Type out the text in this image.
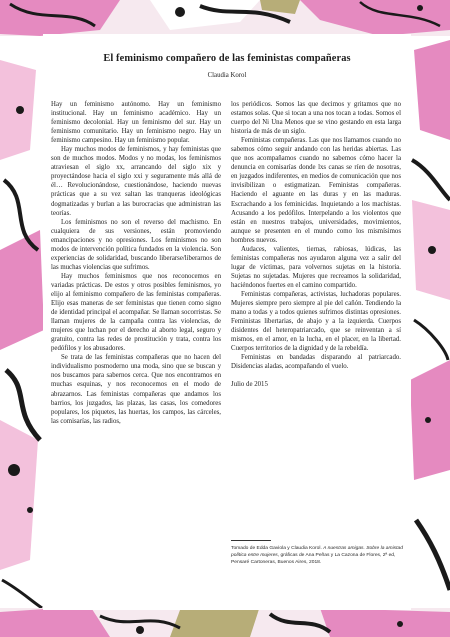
El feminismo compañero de las feministas compañeras
Claudia Korol

Hay un feminismo autónomo. Hay un feminismo institucional. Hay un feminismo académico. Hay un feminismo decolonial. Hay un feminismo del sur. Hay un feminismo comunitario. Hay un feminismo negro. Hay un feminismo campesino. Hay un feminismo popular.

Hay muchos modos de feminismos, y hay feministas que son de muchos modos. Modos y no modas, los feminismos atraviesan el siglo xx, arrancando del siglo xix y proyectándose hacia el siglo xxi y seguramente más allá de él… Revolucionándose, cuestionándose, haciendo nuevas prácticas que a su vez saltan las tranqueras ideológicas dogmatizadas y burlan a las burocracias que administran las teorías.

Los feminismos no son el reverso del machismo. En cualquiera de sus versiones, están promoviendo emancipaciones y no opresiones. Los feminismos no son modos de intervención política fundados en la violencia. Son experiencias de solidaridad, buscando liberarse/liberarnos de las muchas violencias que sufrimos.

Hay muchos feminismos que nos reconocemos en variadas prácticas. De estos y otros posibles feminismos, yo elijo al feminismo compañero de las feministas compañeras. Elijo esas maneras de ser feministas que tienen como signo de identidad principal el acompañar. Se llaman socorristas. Se llaman mujeres de la campaña contra las violencias, de mujeres que luchan por el derecho al aborto legal, seguro y gratuito, contra las redes de prostitución y trata, contra los pedófilos y los abusadores.

Se trata de las feministas compañeras que no hacen del individualismo posmoderno una moda, sino que se buscan y nos buscamos para sabernos cerca. Que nos encontramos en muchas esquinas, y nos reconocemos en el modo de abrazarnos. Las feministas compañeras que andamos los barrios, los juzgados, las plazas, las casas, los comedores populares, los piquetes, las huertas, los campos, las cárceles, las comisarías, las radios,

los periódicos. Somos las que decimos y gritamos que no estamos solas. Que si tocan a una nos tocan a todas. Somos el cuerpo del Ni Una Menos que se vino gestando en esta larga historia de más de un siglo.

Feministas compañeras. Las que nos llamamos cuando no sabemos cómo seguir andando con las heridas abiertas. Las que nos acompañamos cuando no sabemos cómo hacer la denuncia en comisarías donde lxs canas se ríen de nosotras, en juzgados indiferentes, en medios de comunicación que nos invisibilizan o estigmatizan. Feministas compañeras. Haciendo el aguante en las duras y en las maduras. Escrachando a los feminicidas. Inquietando a los machistas. Acusando a los pedófilos. Interpelando a los violentos que están en nuestros trabajos, universidades, movimientos, aunque se presenten en el mundo como los mismísimos hombres nuevos.

Audaces, valientes, tiernas, rabiosas, lúdicas, las feministas compañeras nos ayudaron alguna vez a salir del lugar de víctimas, para volvernos sujetas en la historia. Sujetas no sujetadas. Mujeres que recreamos la solidaridad, haciéndonos fuertes en el camino compartido.

Feministas compañeras, activistas, luchadoras populares. Mujeres siempre pero siempre al pie del cañón. Tendiendo la mano a todas y a todos quienes sufrimos distintas opresiones. Feministas libertarias, de abajo y a la izquierda. Cuerpos disidentes del heteropatriarcado, que se reinventan a sí mismos, en el amor, en la lucha, en el placer, en la libertad. Cuerpos territorios de la dignidad y de la rebeldía.

Feministas en bandadas disparando al patriarcado. Disidencias aladas, acompañando el vuelo.

Julio de 2015

Tomado de Edda Gaviola y Claudia Korol. A nuestras amigas. Sobre la amistad política entre mujeres, gráficas de Ana Peñas y La Cazona de Flores, 2ª ed, Pensaré Cartoneras, Buenos Aires, 2018.
